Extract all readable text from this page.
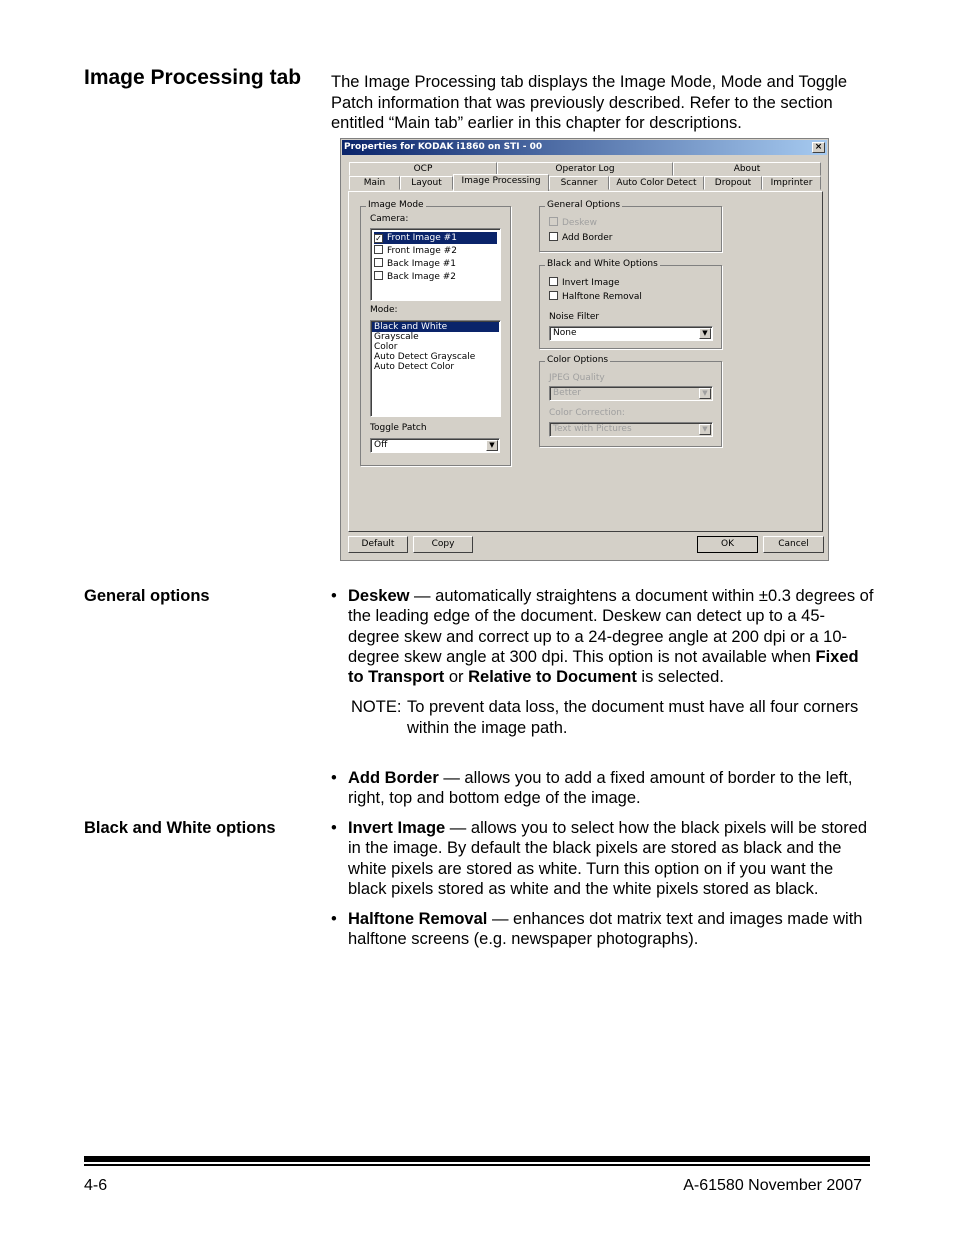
Image Processing tab The Image Processing tab displays the Image Mode, Mode and Toggle Patch information that was previously described. Refer to the section entitled “Main tab” earlier in this chapter for descriptions.
Properties for KODAK i1860 on STI - 00	×
OCP	Operator Log	About
Main	Layout	Image Processing	Scanner	Auto Color Detect	Dropout	Imprinter
Image Mode
Camera:
✓ Front Image #1
Front Image #2
Back Image #1
Back Image #2
Mode:
Black and White
Grayscale
Color
Auto Detect Grayscale
Auto Detect Color
Toggle Patch
Off	▼
General Options
Deskew
Add Border
Black and White Options
Invert Image
Halftone Removal
Noise Filter
None	▼
Color Options
JPEG Quality
Better	▼
Color Correction:
Text with Pictures	▼
Default	Copy	OK	Cancel
General options	• Deskew — automatically straightens a document within ±0.3 degrees of the leading edge of the document. Deskew can detect up to a 45-degree skew and correct up to a 24-degree angle at 200 dpi or a 10-degree skew angle at 300 dpi. This option is not available when Fixed to Transport or Relative to Document is selected.
NOTE: To prevent data loss, the document must have all four corners within the image path.
• Add Border — allows you to add a fixed amount of border to the left, right, top and bottom edge of the image.
Black and White options	• Invert Image — allows you to select how the black pixels will be stored in the image. By default the black pixels are stored as black and the white pixels are stored as white. Turn this option on if you want the black pixels stored as white and the white pixels stored as black.
• Halftone Removal — enhances dot matrix text and images made with halftone screens (e.g. newspaper photographs).
4-6	A-61580 November 2007
